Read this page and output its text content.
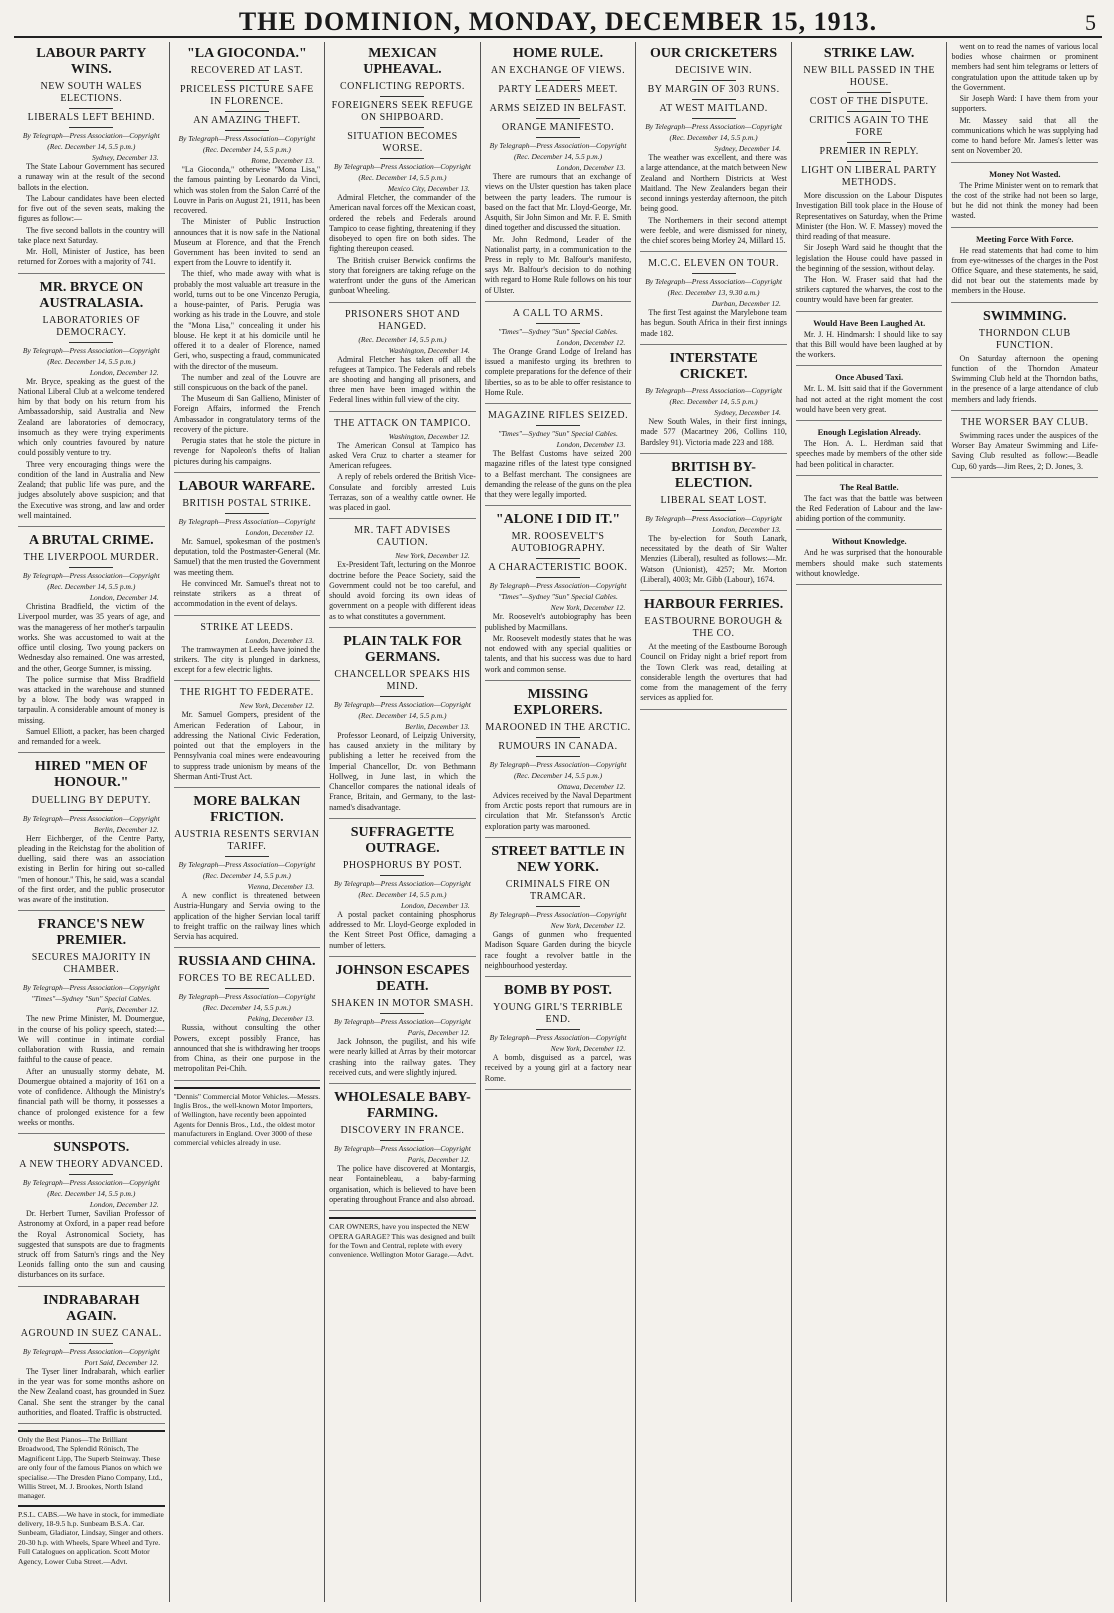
THE DOMINION, MONDAY, DECEMBER 15, 1913.	5
LABOUR PARTY WINS.
NEW SOUTH WALES ELECTIONS.
LIBERALS LEFT BEHIND.
By Telegraph—Press Association—Copyright
(Rec. December 14, 5.5 p.m.)
Sydney, December 13.

The State Labour Government has secured a runaway win at the result of the second ballots in the election.

The Labour candidates have been elected for five out of the seven seats, making the figures as follow:—

The five second ballots in the country will take place next Saturday.

Mr. Holl, Minister of Justice, has been returned for Zoroes with a majority of 741.

MR. BRYCE ON AUSTRALASIA.
LABORATORIES OF DEMOCRACY.
By Telegraph—Press Association—Copyright
(Rec. December 14, 5.5 p.m.)
London, December 12.

Mr. Bryce, speaking as the guest of the National Liberal Club at a welcome tendered him by that body on his return from his Ambassadorship, said Australia and New Zealand are laboratories of democracy, insomuch as they were trying experiments which only countries favoured by nature could possibly venture to try.

Three very encouraging things were the condition of the land in Australia and New Zealand; that public life was pure, and the judges absolutely above suspicion; and that the Executive was strong, and law and order well maintained.

A BRUTAL CRIME.
THE LIVERPOOL MURDER.
By Telegraph—Press Association—Copyright
(Rec. December 14, 5.5 p.m.)
London, December 14.

Christina Bradfield, the victim of the Liverpool murder, was 35 years of age, and was the manageress of her mother's tarpaulin works. She was accustomed to wait at the office until closing. Two young packers on Wednesday also remained. One was arrested, and the other, George Sumner, is missing.

The police surmise that Miss Bradfield was attacked in the warehouse and stunned by a blow. The body was wrapped in tarpaulin. A considerable amount of money is missing.

Samuel Elliott, a packer, has been charged and remanded for a week.

HIRED "MEN OF HONOUR."
DUELLING BY DEPUTY.
By Telegraph—Press Association—Copyright
Berlin, December 12.

Herr Eichberger, of the Centre Party, pleading in the Reichstag for the abolition of duelling, said there was an association existing in Berlin for hiring out so-called "men of honour." This, he said, was a scandal of the first order, and the public prosecutor was aware of the institution.

FRANCE'S NEW PREMIER.
SECURES MAJORITY IN CHAMBER.
By Telegraph—Press Association—Copyright
"Times"—Sydney "Sun" Special Cables.
Paris, December 12.

The new Prime Minister, M. Doumergue, in the course of his policy speech, stated:—We will continue in intimate cordial collaboration with Russia, and remain faithful to the cause of peace.

After an unusually stormy debate, M. Doumergue obtained a majority of 161 on a vote of confidence. Although the Ministry's financial path will be thorny, it possesses a chance of prolonged existence for a few weeks or months.

SUNSPOTS.
A NEW THEORY ADVANCED.
By Telegraph—Press Association—Copyright
(Rec. December 14, 5.5 p.m.)
London, December 12.

Dr. Herbert Turner, Savilian Professor of Astronomy at Oxford, in a paper read before the Royal Astronomical Society, has suggested that sunspots are due to fragments struck off from Saturn's rings and the Ney Leonids falling onto the sun and causing disturbances on its surface.

INDRABARAH AGAIN.
AGROUND IN SUEZ CANAL.
By Telegraph—Press Association—Copyright
Port Said, December 12.

The Tyser liner Indrabarah, which earlier in the year was for some months ashore on the New Zealand coast, has grounded in Suez Canal. She sent the stranger by the canal authorities, and floated. Traffic is obstructed.

Only the Best Pianos—The Brilliant Broadwood, The Splendid Rönisch, The Magnificent Lipp, The Superb Steinway. These are only four of the famous Pianos on which we specialise.—The Dresden Piano Company, Ltd., Willis Street, M. J. Brookes, North Island manager.
P.S.L. CABS.—We have in stock, for immediate delivery, 18-9.5 h.p. Sunbeam B.S.A. Car. Sunbeam, Gladiator, Lindsay, Singer and others. 20-30 h.p. with Wheels, Spare Wheel and Tyre. Full Catalogues on application. Scott Motor Agency, Lower Cuba Street.—Advt.
"LA GIOCONDA."
RECOVERED AT LAST.
PRICELESS PICTURE SAFE IN FLORENCE.
AN AMAZING THEFT.
By Telegraph—Press Association—Copyright
(Rec. December 14, 5.5 p.m.)
Rome, December 13.

"La Gioconda," otherwise "Mona Lisa," the famous painting by Leonardo da Vinci, which was stolen from the Salon Carré of the Louvre in Paris on August 21, 1911, has been recovered.

The Minister of Public Instruction announces that it is now safe in the National Museum at Florence, and that the French Government has been invited to send an expert from the Louvre to identify it.

The thief, who made away with what is probably the most valuable art treasure in the world, turns out to be one Vincenzo Perugia, a house-painter, of Paris. Perugia was working as his trade in the Louvre, and stole the "Mona Lisa," concealing it under his blouse. He kept it at his domicile until he offered it to a dealer of Florence, named Geri, who, suspecting a fraud, communicated with the director of the museum.

The number and zeal of the Louvre are still conspicuous on the back of the panel.

The Museum di San Gallieno, Minister of Foreign Affairs, informed the French Ambassador in congratulatory terms of the recovery of the picture.

Perugia states that he stole the picture in revenge for Napoleon's thefts of Italian pictures during his campaigns.

LABOUR WARFARE.
BRITISH POSTAL STRIKE.
By Telegraph—Press Association—Copyright
London, December 12.

Mr. Samuel, spokesman of the postmen's deputation, told the Postmaster-General (Mr. Samuel) that the men trusted the Government was meeting them.

He convinced Mr. Samuel's threat not to reinstate strikers as a threat of accommodation in the event of delays.

STRIKE AT LEEDS.
London, December 13.

The tramwaymen at Leeds have joined the strikers. The city is plunged in darkness, except for a few electric lights.

THE RIGHT TO FEDERATE.
New York, December 12.

Mr. Samuel Gompers, president of the American Federation of Labour, in addressing the National Civic Federation, pointed out that the employers in the Pennsylvania coal mines were endeavouring to suppress trade unionism by means of the Sherman Anti-Trust Act.

MORE BALKAN FRICTION.
AUSTRIA RESENTS SERVIAN TARIFF.
By Telegraph—Press Association—Copyright
(Rec. December 14, 5.5 p.m.)
Vienna, December 13.

A new conflict is threatened between Austria-Hungary and Servia owing to the application of the higher Servian local tariff to freight traffic on the railway lines which Servia has acquired.

RUSSIA AND CHINA.
FORCES TO BE RECALLED.
By Telegraph—Press Association—Copyright
(Rec. December 14, 5.5 p.m.)
Peking, December 13.

Russia, without consulting the other Powers, except possibly France, has announced that she is withdrawing her troops from China, as their one purpose in the metropolitan Pei-Chih.

"Dennis" Commercial Motor Vehicles.—Messrs. Inglis Bros., the well-known Motor Importers, of Wellington, have recently been appointed Agents for Dennis Bros., Ltd., the oldest motor manufacturers in England. Over 3000 of these commercial vehicles already in use.
MEXICAN UPHEAVAL.
CONFLICTING REPORTS.
FOREIGNERS SEEK REFUGE ON SHIPBOARD.
SITUATION BECOMES WORSE.
By Telegraph—Press Association—Copyright
(Rec. December 14, 5.5 p.m.)
Mexico City, December 13.

Admiral Fletcher, the commander of the American naval forces off the Mexican coast, ordered the rebels and Federals around Tampico to cease fighting, threatening if they disobeyed to open fire on both sides. The fighting thereupon ceased.

The British cruiser Berwick confirms the story that foreigners are taking refuge on the waterfront under the guns of the American gunboat Wheeling.

PRISONERS SHOT AND HANGED.
(Rec. December 14, 5.5 p.m.)
Washington, December 14.

Admiral Fletcher has taken off all the refugees at Tampico. The Federals and rebels are shooting and hanging all prisoners, and three men have been imaged within the Federal lines within full view of the city.

THE ATTACK ON TAMPICO.
Washington, December 12.

The American Consul at Tampico has asked Vera Cruz to charter a steamer for American refugees.

A reply of rebels ordered the British Vice-Consulate and forcibly arrested Luis Terrazas, son of a wealthy cattle owner. He was placed in gaol.

MR. TAFT ADVISES CAUTION.
New York, December 12.

Ex-President Taft, lecturing on the Monroe doctrine before the Peace Society, said the Government could not be too careful, and should avoid forcing its own ideas of government on a people with different ideas as to what constitutes a government.

PLAIN TALK FOR GERMANS.
CHANCELLOR SPEAKS HIS MIND.
By Telegraph—Press Association—Copyright
(Rec. December 14, 5.5 p.m.)
Berlin, December 13.

Professor Leonard, of Leipzig University, has caused anxiety in the military by publishing a letter he received from the Imperial Chancellor, Dr. von Bethmann Hollweg, in June last, in which the Chancellor compares the national ideals of France, Britain, and Germany, to the last-named's disadvantage.

SUFFRAGETTE OUTRAGE.
PHOSPHORUS BY POST.
By Telegraph—Press Association—Copyright
(Rec. December 14, 5.5 p.m.)
London, December 13.

A postal packet containing phosphorus addressed to Mr. Lloyd-George exploded in the Kent Street Post Office, damaging a number of letters.

JOHNSON ESCAPES DEATH.
SHAKEN IN MOTOR SMASH.
By Telegraph—Press Association—Copyright
Paris, December 12.

Jack Johnson, the pugilist, and his wife were nearly killed at Arras by their motorcar crashing into the railway gates. They received cuts, and were slightly injured.

WHOLESALE BABY-FARMING.
DISCOVERY IN FRANCE.
By Telegraph—Press Association—Copyright
Paris, December 12.

The police have discovered at Montargis, near Fontainebleau, a baby-farming organisation, which is believed to have been operating throughout France and also abroad.

CAR OWNERS, have you inspected the NEW OPERA GARAGE? This was designed and built for the Town and Central, replete with every convenience. Wellington Motor Garage.—Advt.
HOME RULE.
AN EXCHANGE OF VIEWS.
PARTY LEADERS MEET.
ARMS SEIZED IN BELFAST.
ORANGE MANIFESTO.
By Telegraph—Press Association—Copyright
(Rec. December 14, 5.5 p.m.)
London, December 13.

There are rumours that an exchange of views on the Ulster question has taken place between the party leaders. The rumour is based on the fact that Mr. Lloyd-George, Mr. Asquith, Sir John Simon and Mr. F. E. Smith dined together and discussed the situation.

Mr. John Redmond, Leader of the Nationalist party, in a communication to the Press in reply to Mr. Balfour's manifesto, says Mr. Balfour's decision to do nothing with regard to Home Rule follows on his tour of Ulster.

A CALL TO ARMS.
"Times"—Sydney "Sun" Special Cables.
London, December 12.

The Orange Grand Lodge of Ireland has issued a manifesto urging its brethren to complete preparations for the defence of their liberties, so as to be able to offer resistance to Home Rule.

MAGAZINE RIFLES SEIZED.
"Times"—Sydney "Sun" Special Cables.
London, December 13.

The Belfast Customs have seized 200 magazine rifles of the latest type consigned to a Belfast merchant. The consignees are demanding the release of the guns on the plea that they were legally imported.

"ALONE I DID IT."
MR. ROOSEVELT'S AUTOBIOGRAPHY.
A CHARACTERISTIC BOOK.
By Telegraph—Press Association—Copyright
"Times"—Sydney "Sun" Special Cables.
New York, December 12.

Mr. Roosevelt's autobiography has been published by Macmillans.

Mr. Roosevelt modestly states that he was not endowed with any special qualities or talents, and that his success was due to hard work and common sense.

MISSING EXPLORERS.
MAROONED IN THE ARCTIC.
RUMOURS IN CANADA.
By Telegraph—Press Association—Copyright
(Rec. December 14, 5.5 p.m.)
Ottawa, December 12.

Advices received by the Naval Department from Arctic posts report that rumours are in circulation that Mr. Stefansson's Arctic exploration party was marooned.

STREET BATTLE IN NEW YORK.
CRIMINALS FIRE ON TRAMCAR.
By Telegraph—Press Association—Copyright
New York, December 12.

Gangs of gunmen who frequented Madison Square Garden during the bicycle race fought a revolver battle in the neighbourhood yesterday.

BOMB BY POST.
YOUNG GIRL'S TERRIBLE END.
By Telegraph—Press Association—Copyright
New York, December 12.

A bomb, disguised as a parcel, was received by a young girl at a factory near Rome.

OUR CRICKETERS
DECISIVE WIN.
BY MARGIN OF 303 RUNS.
AT WEST MAITLAND.
By Telegraph—Press Association—Copyright
(Rec. December 14, 5.5 p.m.)
Sydney, December 14.

The weather was excellent, and there was a large attendance, at the match between New Zealand and Northern Districts at West Maitland. The New Zealanders began their second innings yesterday afternoon, the pitch being good.

The Northerners in their second attempt were feeble, and were dismissed for ninety, the chief scores being Morley 24, Millard 15.

M.C.C. ELEVEN ON TOUR.
By Telegraph—Press Association—Copyright
(Rec. December 13, 9.30 a.m.)
Durban, December 12.

The first Test against the Marylebone team has begun. South Africa in their first innings made 182.

INTERSTATE CRICKET.
By Telegraph—Press Association—Copyright
(Rec. December 14, 5.5 p.m.)
Sydney, December 14.

New South Wales, in their first innings, made 577 (Macartney 206, Collins 110, Bardsley 91). Victoria made 223 and 188.

BRITISH BY-ELECTION.
LIBERAL SEAT LOST.
By Telegraph—Press Association—Copyright
London, December 13.

The by-election for South Lanark, necessitated by the death of Sir Walter Menzies (Liberal), resulted as follows:—Mr. Watson (Unionist), 4257; Mr. Morton (Liberal), 4003; Mr. Gibb (Labour), 1674.

HARBOUR FERRIES.
EASTBOURNE BOROUGH & THE CO.

At the meeting of the Eastbourne Borough Council on Friday night a brief report from the Town Clerk was read, detailing at considerable length the overtures that had come from the management of the ferry services as applied for.

STRIKE LAW.
NEW BILL PASSED IN THE HOUSE.
COST OF THE DISPUTE.
CRITICS AGAIN TO THE FORE
PREMIER IN REPLY.
LIGHT ON LIBERAL PARTY METHODS.

More discussion on the Labour Disputes Investigation Bill took place in the House of Representatives on Saturday, when the Prime Minister (the Hon. W. F. Massey) moved the third reading of that measure.

Sir Joseph Ward said he thought that the legislation the House could have passed in the beginning of the session, without delay.

The Hon. W. Fraser said that had the strikers captured the wharves, the cost to the country would have been far greater.

Would Have Been Laughed At.

Mr. J. H. Hindmarsh: I should like to say that this Bill would have been laughed at by the workers.

Once Abused Taxi.

Mr. L. M. Isitt said that if the Government had not acted at the right moment the cost would have been very great.

Enough Legislation Already.

The Hon. A. L. Herdman said that speeches made by members of the other side had been political in character.

The Real Battle.

The fact was that the battle was between the Red Federation of Labour and the law-abiding portion of the community.

Without Knowledge.

And he was surprised that the honourable members should make such statements without knowledge.

went on to read the names of various local bodies whose chairmen or prominent members had sent him telegrams or letters of congratulation upon the attitude taken up by the Government.

Sir Joseph Ward: I have them from your supporters.

Mr. Massey said that all the communications which he was supplying had come to hand before Mr. James's letter was sent on November 20.

Money Not Wasted.

The Prime Minister went on to remark that the cost of the strike had not been so large, but he did not think the money had been wasted.

Meeting Force With Force.

He read statements that had come to him from eye-witnesses of the charges in the Post Office Square, and these statements, he said, did not bear out the statements made by members in the House.

SWIMMING.
THORNDON CLUB FUNCTION.

On Saturday afternoon the opening function of the Thorndon Amateur Swimming Club held at the Thorndon baths, in the presence of a large attendance of club members and lady friends.

THE WORSER BAY CLUB.

Swimming races under the auspices of the Worser Bay Amateur Swimming and Life-Saving Club resulted as follow:—Beadle Cup, 60 yards—Jim Rees, 2; D. Jones, 3.
